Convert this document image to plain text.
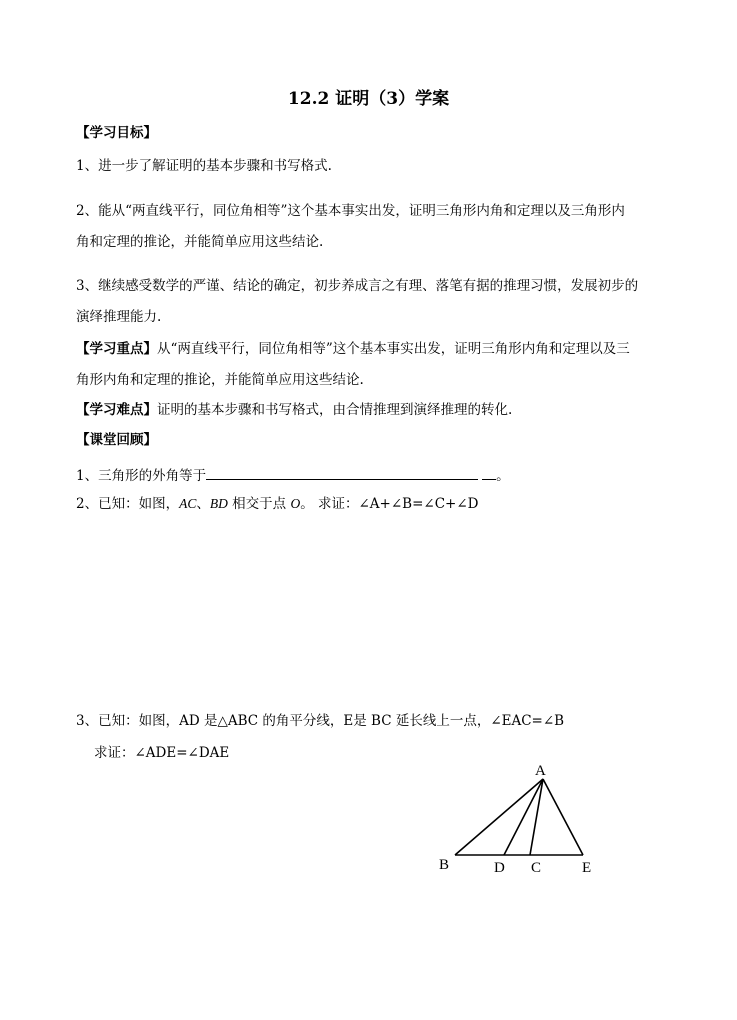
12.2 证明（3）学案
【学习目标】
1、进一步了解证明的基本步骤和书写格式.
2、能从“两直线平行，同位角相等”这个基本事实出发，证明三角形内角和定理以及三角形内
角和定理的推论，并能简单应用这些结论.
3、继续感受数学的严谨、结论的确定，初步养成言之有理、落笔有据的推理习惯，发展初步的
演绎推理能力.
【学习重点】从“两直线平行，同位角相等”这个基本事实出发，证明三角形内角和定理以及三
角形内角和定理的推论，并能简单应用这些结论.
【学习难点】证明的基本步骤和书写格式，由合情推理到演绎推理的转化.
【课堂回顾】
1、三角形的外角等于	。
2、已知：如图，AC、BD 相交于点 O。 求证：∠A+∠B=∠C+∠D
3、已知：如图，AD 是△ABC 的角平分线，E是 BC 延长线上一点，∠EAC=∠B
求证：∠ADE=∠DAE
A
B	D C	E
